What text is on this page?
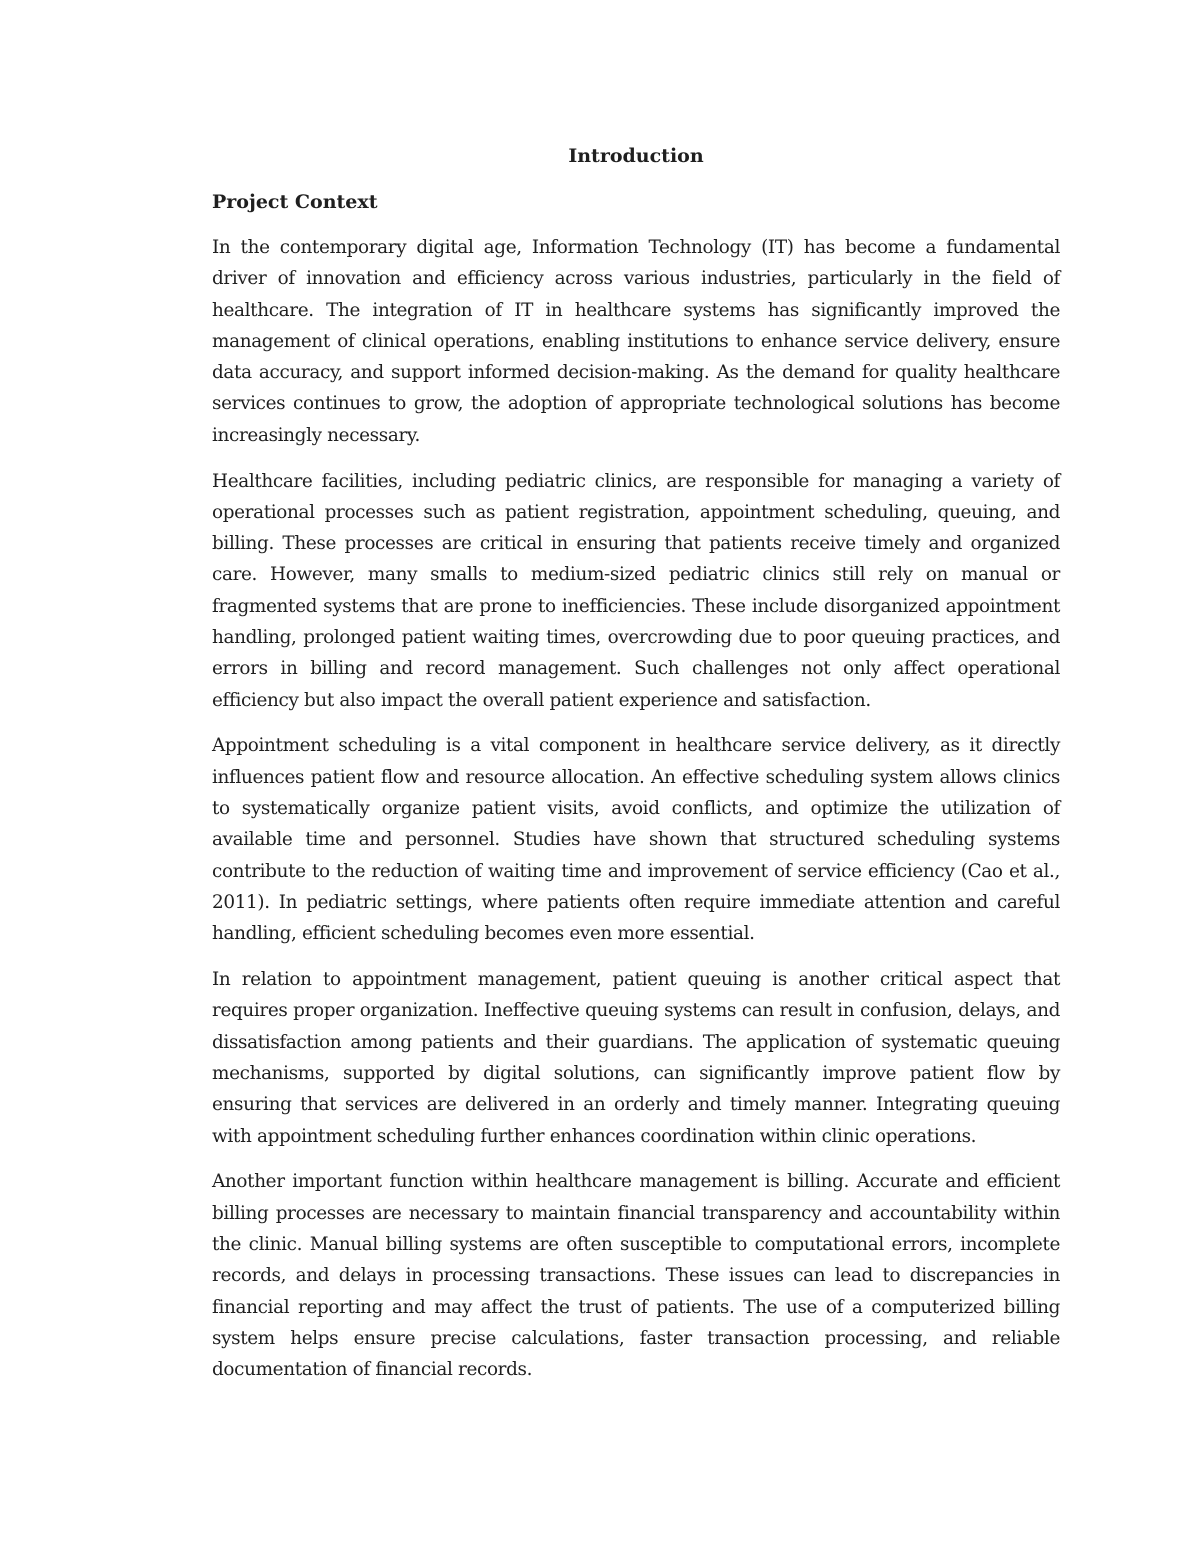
Introduction
Project Context

In the contemporary digital age, Information Technology (IT) has become a fundamental driver of innovation and efficiency across various industries, particularly in the field of healthcare. The integration of IT in healthcare systems has significantly improved the management of clinical operations, enabling institutions to enhance service delivery, ensure data accuracy, and support informed decision-making. As the demand for quality healthcare services continues to grow, the adoption of appropriate technological solutions has become increasingly necessary.

Healthcare facilities, including pediatric clinics, are responsible for managing a variety of operational processes such as patient registration, appointment scheduling, queuing, and billing. These processes are critical in ensuring that patients receive timely and organized care. However, many smalls to medium-sized pediatric clinics still rely on manual or fragmented systems that are prone to inefficiencies. These include disorganized appointment handling, prolonged patient waiting times, overcrowding due to poor queuing practices, and errors in billing and record management. Such challenges not only affect operational efficiency but also impact the overall patient experience and satisfaction.

Appointment scheduling is a vital component in healthcare service delivery, as it directly influences patient flow and resource allocation. An effective scheduling system allows clinics to systematically organize patient visits, avoid conflicts, and optimize the utilization of available time and personnel. Studies have shown that structured scheduling systems contribute to the reduction of waiting time and improvement of service efficiency (Cao et al., 2011). In pediatric settings, where patients often require immediate attention and careful handling, efficient scheduling becomes even more essential.

In relation to appointment management, patient queuing is another critical aspect that requires proper organization. Ineffective queuing systems can result in confusion, delays, and dissatisfaction among patients and their guardians. The application of systematic queuing mechanisms, supported by digital solutions, can significantly improve patient flow by ensuring that services are delivered in an orderly and timely manner. Integrating queuing with appointment scheduling further enhances coordination within clinic operations.

Another important function within healthcare management is billing. Accurate and efficient billing processes are necessary to maintain financial transparency and accountability within the clinic. Manual billing systems are often susceptible to computational errors, incomplete records, and delays in processing transactions. These issues can lead to discrepancies in financial reporting and may affect the trust of patients. The use of a computerized billing system helps ensure precise calculations, faster transaction processing, and reliable documentation of financial records.
